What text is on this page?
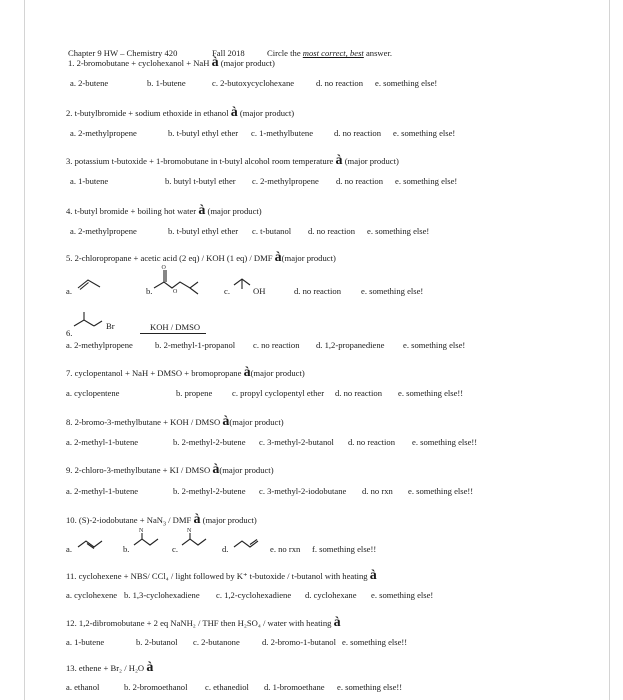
Chapter 9 HW – Chemistry 420	Fall 2018	Circle the most correct, best answer.
1. 2-bromobutane + cyclohexanol + NaH à (major product)
a. 2-butene	b. 1-butene	c. 2-butoxycyclohexane	d. no reaction e. something else!
2. t-butylbromide + sodium ethoxide in ethanol à (major product)
a. 2-methylpropene	b. t-butyl ethyl ether c. 1-methylbutene d. no reaction e. something else!
3. potassium t-butoxide + 1-bromobutane in t-butyl alcohol room temperature à (major product)
a. 1-butene	b. butyl t-butyl ether c. 2-methylpropene d. no reaction e. something else!
4. t-butyl bromide + boiling hot water à (major product)
a. 2-methylpropene	b. t-butyl ethyl ether c. t-butanol d. no reaction e. something else!
5. 2-chloropropane + acetic acid (2 eq) / KOH (1 eq) / DMF à(major product)
a.	b.
O
O	c.	OH	d. no reaction e. something else!
6.
Br	KOH / DMSO
a. 2-methylpropene	b. 2-methyl-1-propanol c. no reaction d. 1,2-propanediene e. something else!
7. cyclopentanol + NaH + DMSO + bromopropane à(major product)
a. cyclopentene	b. propene c. propyl cyclopentyl ether d. no reaction e. something else!!
8. 2-bromo-3-methylbutane + KOH / DMSO à(major product)
a. 2-methyl-1-butene	b. 2-methyl-2-butene c. 3-methyl-2-butanol d. no reaction e. something else!!
9. 2-chloro-3-methylbutane + KI / DMSO à(major product)
a. 2-methyl-1-butene	b. 2-methyl-2-butene c. 3-methyl-2-iodobutane d. no rxn e. something else!!
10. (S)-2-iodobutane + NaN$_3$ / DMF à (major product)
a.	b.
N
c.
N
d.	e. no rxn f. something else!!
11. cyclohexene + NBS/ CCl₄ / light followed by K⁺ t-butoxide / t-butanol with heating à
a. cyclohexene b. 1,3-cyclohexadiene c. 1,2-cyclohexadiene d. cyclohexane e. something else!
12. 1,2-dibromobutane + 2 eq NaNH₂ / THF then H₂SO₄ / water with heating à
a. 1-butene	b. 2-butanol c. 2-butanone	d. 2-bromo-1-butanol e. something else!!
13. ethene + Br₂ / H₂O à
a. ethanol	b. 2-bromoethanol c. ethanediol d. 1-bromoethane e. something else!!
